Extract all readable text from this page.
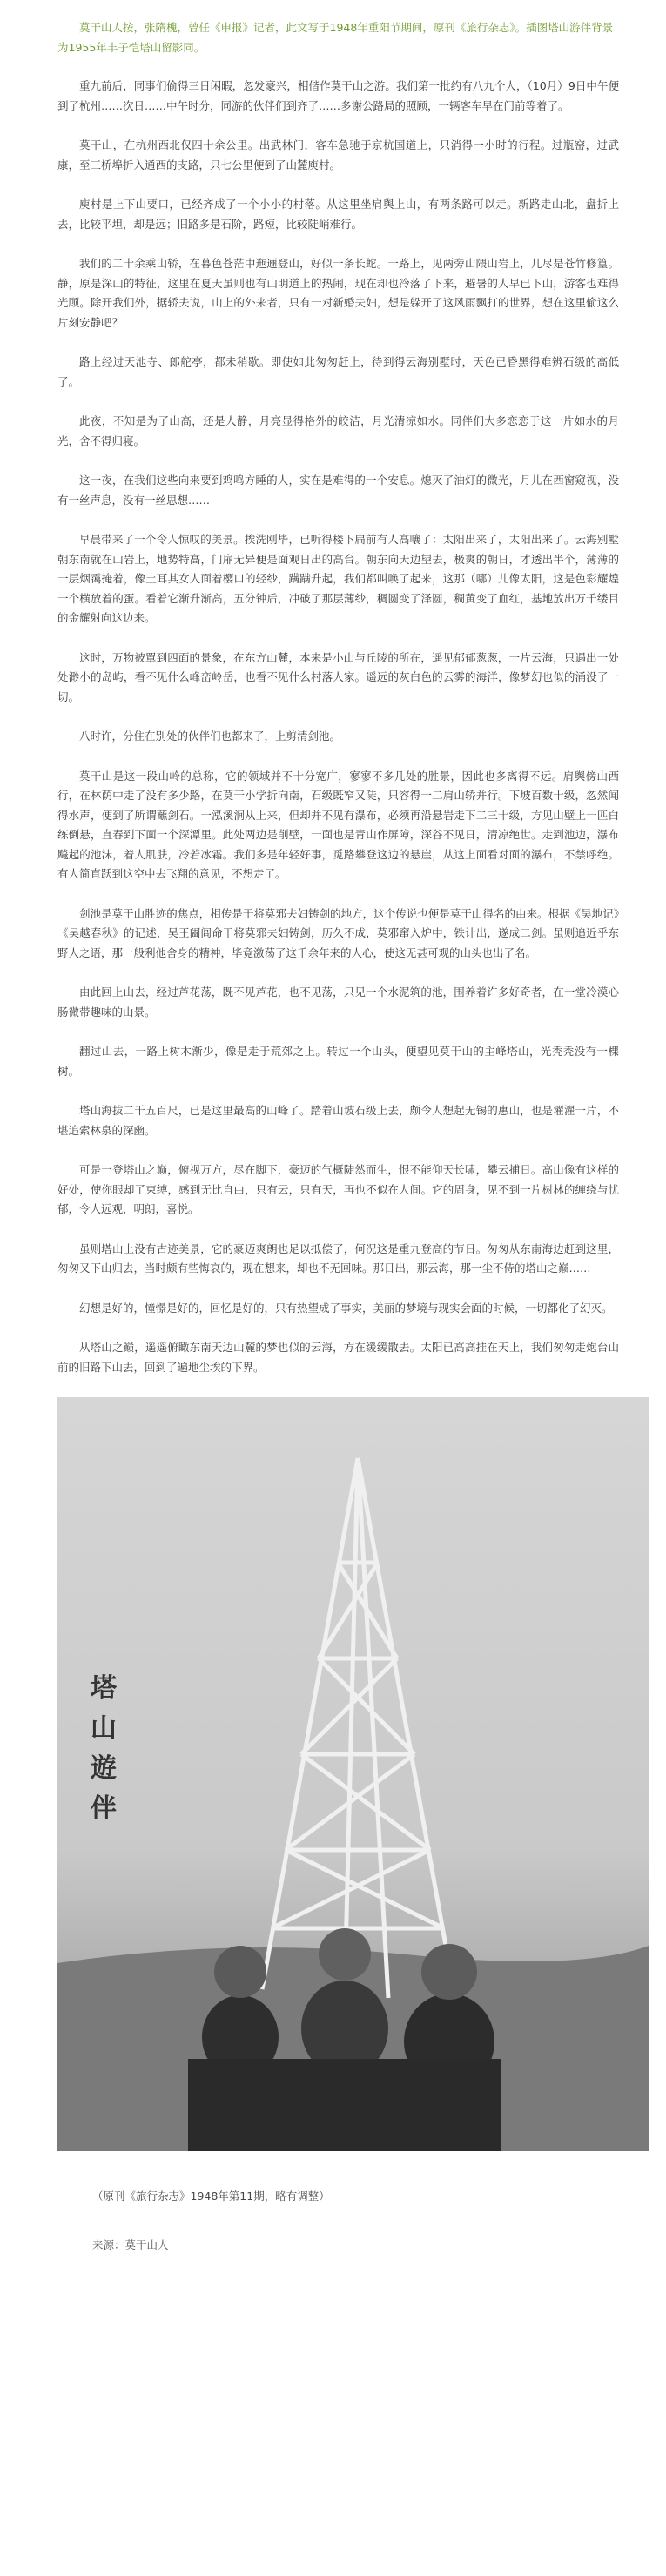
莫干山人按，张隋槐，曾任《申报》记者，此文写于1948年重阳节期间，原刊《旅行杂志》。插图塔山游伴背景为1955年丰子恺塔山留影同。

重九前后，同事们偷得三日闲暇，忽发豪兴，相偕作莫干山之游。我们第一批约有八九个人，（10月）9日中午便到了杭州……次日……中午时分，同游的伙伴们到齐了……多谢公路局的照顾，一辆客车早在门前等着了。

莫干山，在杭州西北仅四十余公里。出武林门，客车急驰于京杭国道上，只消得一小时的行程。过瓶窑，过武康，至三桥埠折入通西的支路，只七公里便到了山麓庾村。

庾村是上下山要口，已经齐成了一个小小的村落。从这里坐肩舆上山，有两条路可以走。新路走山北，盘折上去，比较平坦，却是远；旧路多是石阶，路短，比较陡峭难行。

我们的二十余乘山轿，在暮色苍茫中迤逦登山，好似一条长蛇。一路上，见两旁山隈山岩上，几尽是苍竹修篁。静，原是深山的特征，这里在夏天虽则也有山明道上的热闹，现在却也冷落了下来，避暑的人早已下山，游客也难得光顾。除开我们外，据轿夫说，山上的外来者，只有一对新婚夫妇，想是躲开了这风雨飘打的世界，想在这里偷这么片刻安静吧？

路上经过天池寺、郎舵亭，都未稍歇。即使如此匆匆赶上，待到得云海别墅时，天色已昏黑得难辨石级的高低了。

此夜，不知是为了山高，还是人静，月亮显得格外的皎洁，月光清凉如水。同伴们大多恋恋于这一片如水的月光，舍不得归寝。

这一夜，在我们这些向来要到鸡鸣方睡的人，实在是难得的一个安息。熄灭了油灯的微光，月儿在西窗窥视，没有一丝声息，没有一丝思想……

早晨带来了一个令人惊叹的美景。挨洗刚毕，已听得楼下扁前有人高嚷了：太阳出来了，太阳出来了。云海别墅朝东南就在山岩上，地势特高，门扉无异便是面观日出的高台。朝东向天边望去，极爽的朝日，才透出半个，薄薄的一层烟霭掩着，像土耳其女人面着樱口的轻纱，蹒蹒升起，我们都叫唤了起来，这那（哪）儿像太阳，这是色彩耀煌一个横放着的蛋。看着它渐升渐高，五分钟后，冲破了那层薄纱，稠圆变了泽圆，稠黄变了血红，基地放出万千缕目的金耀射向这边来。

这时，万物被罩到四面的景象，在东方山麓，本来是小山与丘陵的所在，遥见郁郁葱葱，一片云海，只遇出一处处渺小的岛屿，看不见什么峰峦岭岳，也看不见什么村落人家。遥远的灰白色的云雾的海洋，像梦幻也似的涌没了一切。

八时许，分住在别处的伙伴们也都来了，上剪清剑池。

莫干山是这一段山岭的总称，它的领域并不十分宽广，寥寥不多几处的胜景，因此也多离得不远。肩舆傍山西行，在林荫中走了没有多少路，在莫干小学折向南，石级既窄又陡，只容得一二肩山轿并行。下坡百数十级，忽然闻得水声，便到了所谓蘸剑石。一泓溪涧从上来，但却并不见有瀑布，必须再沿悬岩走下二三十级，方见山壁上一匹白练倒悬，直春到下面一个深潭里。此处两边是削壁，一面也是青山作屏障，深谷不见日，清凉绝世。走到池边，瀑布飚起的池沫，着人肌肤，冷若冰霜。我们多是年轻好事，觅路攀登这边的悬崖，从这上面看对面的瀑布，不禁呼绝。有人简直跃到这空中去飞翔的意见，不想走了。

剑池是莫干山胜迹的焦点，相传是干将莫邪夫妇铸剑的地方，这个传说也便是莫干山得名的由来。根据《吴地记》《吴越春秋》的记述，吴王阖闾命干将莫邪夫妇铸剑，历久不成，莫邪窜入炉中，铁计出，遂成二剑。虽则追近乎东野人之语，那一般利他舍身的精神，毕竟激荡了这千余年来的人心，使这无甚可观的山头也出了名。

由此回上山去，经过芦花荡，既不见芦花，也不见荡，只见一个水泥筑的池，围养着许多好奇者，在一堂冷漠心肠微带趣味的山景。

翻过山去，一路上树木渐少，像是走于荒郊之上。转过一个山头，便望见莫干山的主峰塔山，光秃秃没有一棵树。

塔山海拔二千五百尺，已是这里最高的山峰了。踏着山坡石级上去，颇令人想起无锡的惠山，也是濯濯一片，不堪追索林泉的深幽。

可是一登塔山之巅，俯视万方，尽在脚下，豪迈的气概陡然而生，恨不能仰天长啸，攀云捕日。高山像有这样的好处，使你眼却了束缚，感到无比自由，只有云，只有天，再也不似在人间。它的周身，见不到一片树林的缠绕与忧郁，令人远观，明朗，喜悦。

虽则塔山上没有古迹美景，它的豪迈爽朗也足以抵偿了，何况这是重九登高的节日。匆匆从东南海边赶到这里，匆匆又下山归去，当时颇有些悔哀的，现在想来，却也不无回味。那日出，那云海，那一尘不侍的塔山之巅……

幻想是好的，憧憬是好的，回忆是好的，只有热望成了事实，美丽的梦境与现实会面的时候，一切都化了幻灭。

从塔山之巅，遥遥俯瞰东南天边山麓的梦也似的云海，方在缓缓散去。太阳已高高挂在天上，我们匆匆走炮台山前的旧路下山去，回到了遍地尘埃的下界。

塔山遊伴
公众号 · 莫干山人
（原刊《旅行杂志》1948年第11期，略有调整）
来源：莫干山人
